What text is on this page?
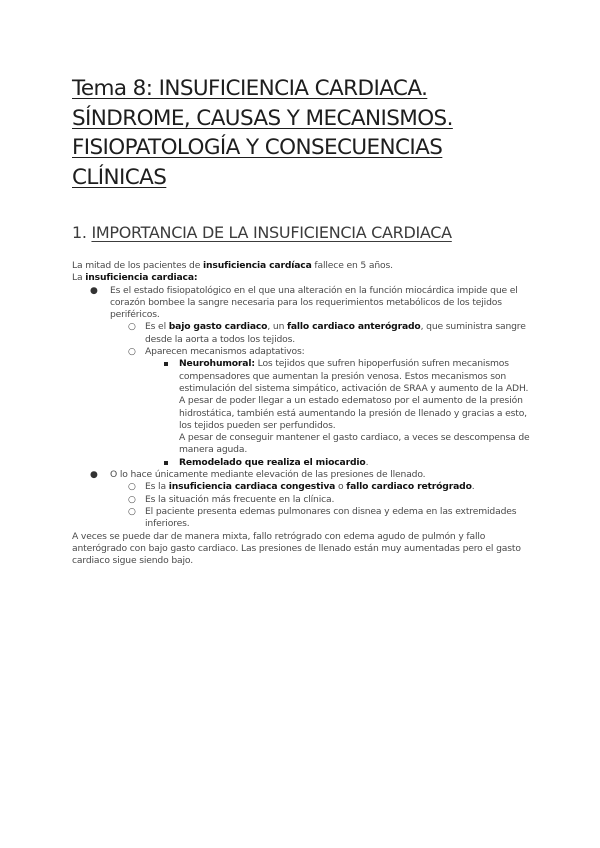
Tema 8: INSUFICIENCIA CARDIACA.
SÍNDROME, CAUSAS Y MECANISMOS.
FISIOPATOLOGÍA Y CONSECUENCIAS
CLÍNICAS
1. IMPORTANCIA DE LA INSUFICIENCIA CARDIACA

La mitad de los pacientes de insuficiencia cardíaca fallece en 5 años.

La insuficiencia cardiaca:

● Es el estado fisiopatológico en el que una alteración en la función miocárdica impide que el corazón bombee la sangre necesaria para los requerimientos metabólicos de los tejidos periféricos.
○ Es el bajo gasto cardiaco, un fallo cardiaco anterógrado, que suministra sangre desde la aorta a todos los tejidos.
○ Aparecen mecanismos adaptativos:
Neurohumoral: Los tejidos que sufren hipoperfusión sufren mecanismos compensadores que aumentan la presión venosa. Estos mecanismos son estimulación del sistema simpático, activación de SRAA y aumento de la ADH. A pesar de poder llegar a un estado edematoso por el aumento de la presión hidrostática, también está aumentando la presión de llenado y gracias a esto, los tejidos pueden ser perfundidos.
A pesar de conseguir mantener el gasto cardiaco, a veces se descompensa de manera aguda.
Remodelado que realiza el miocardio.
● O lo hace únicamente mediante elevación de las presiones de llenado.
○ Es la insuficiencia cardiaca congestiva o fallo cardiaco retrógrado.
○ Es la situación más frecuente en la clínica.
○ El paciente presenta edemas pulmonares con disnea y edema en las extremidades inferiores.

A veces se puede dar de manera mixta, fallo retrógrado con edema agudo de pulmón y fallo anterógrado con bajo gasto cardiaco. Las presiones de llenado están muy aumentadas pero el gasto cardiaco sigue siendo bajo.
